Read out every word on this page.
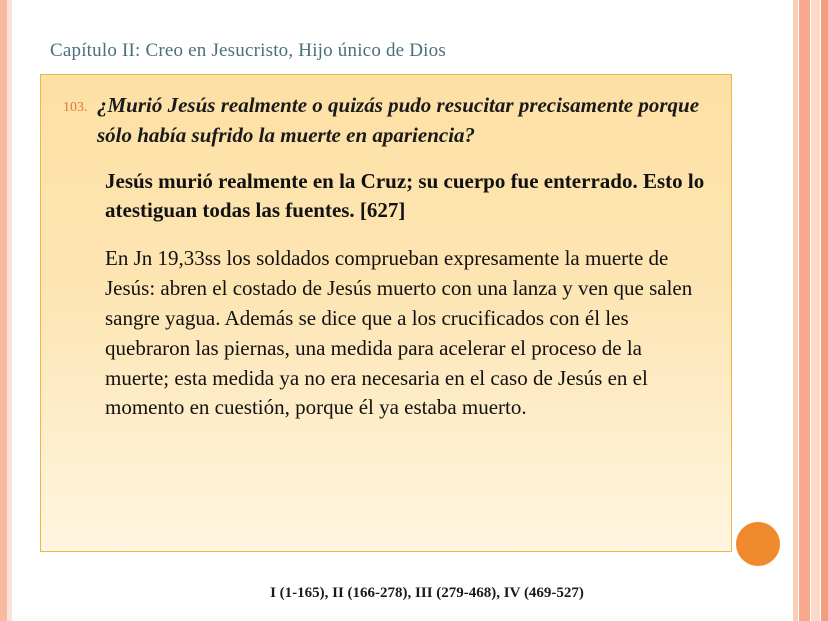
Capítulo II: Creo en Jesucristo, Hijo único de Dios
103. ¿Murió Jesús realmente o quizás pudo resucitar precisamente porque sólo había sufrido la muerte en apariencia?
Jesús murió realmente en la Cruz; su cuerpo fue enterrado. Esto lo atestiguan todas las fuentes. [627]
En Jn 19,33ss los soldados comprueban expresamente la muerte de Jesús: abren el costado de Jesús muerto con una lanza y ven que salen sangre yagua. Además se dice que a los crucificados con él les quebraron las piernas, una medida para acelerar el proceso de la muerte; esta medida ya no era necesaria en el caso de Jesús en el momento en cuestión, porque él ya estaba muerto.
I (1-165), II (166-278), III (279-468), IV (469-527)
